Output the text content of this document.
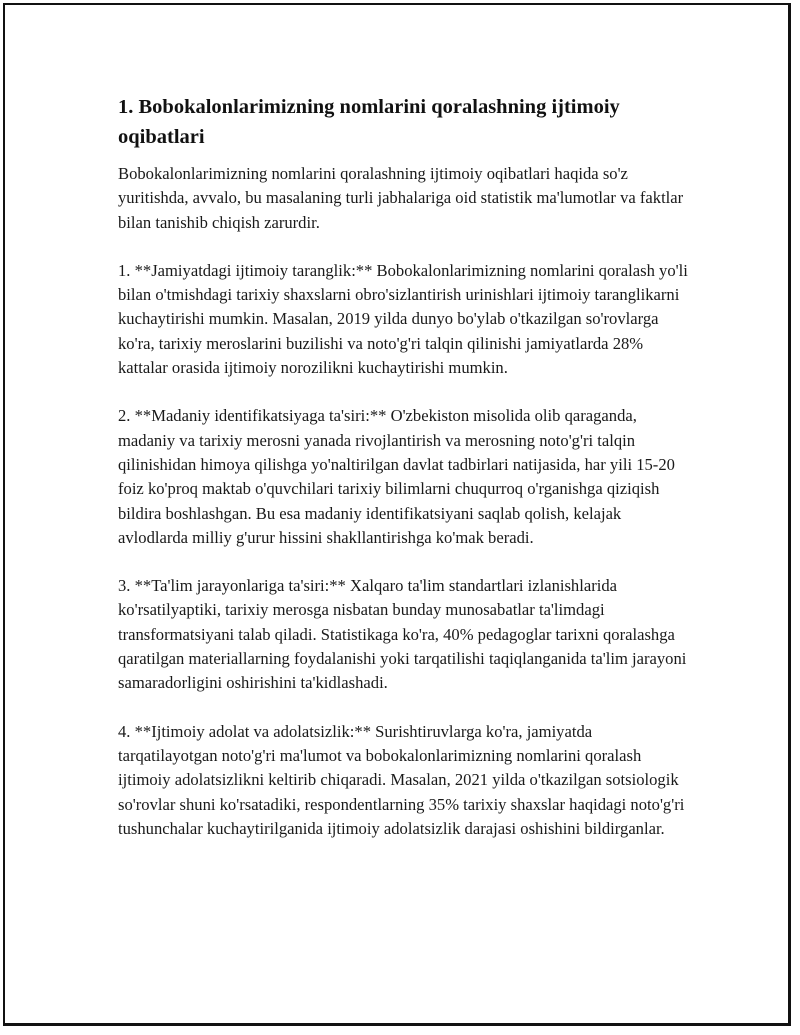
1. Bobokalonlarimizning nomlarini qoralashning ijtimoiy oqibatlari

Bobokalonlarimizning nomlarini qoralashning ijtimoiy oqibatlari haqida so'z yuritishda, avvalo, bu masalaning turli jabhalariga oid statistik ma'lumotlar va faktlar bilan tanishib chiqish zarurdir.

1. **Jamiyatdagi ijtimoiy taranglik:** Bobokalonlarimizning nomlarini qoralash yo'li bilan o'tmishdagi tarixiy shaxslarni obro'sizlantirish urinishlari ijtimoiy taranglikarni kuchaytirishi mumkin. Masalan, 2019 yilda dunyo bo'ylab o'tkazilgan so'rovlarga ko'ra, tarixiy meroslarini buzilishi va noto'g'ri talqin qilinishi jamiyatlarda 28% kattalar orasida ijtimoiy norozilikni kuchaytirishi mumkin.

2. **Madaniy identifikatsiyaga ta'siri:** O'zbekiston misolida olib qaraganda, madaniy va tarixiy merosni yanada rivojlantirish va merosning noto'g'ri talqin qilinishidan himoya qilishga yo'naltirilgan davlat tadbirlari natijasida, har yili 15-20 foiz ko'proq maktab o'quvchilari tarixiy bilimlarni chuqurroq o'rganishga qiziqish bildira boshlashgan. Bu esa madaniy identifikatsiyani saqlab qolish, kelajak avlodlarda milliy g'urur hissini shakllantirishga ko'mak beradi.

3. **Ta'lim jarayonlariga ta'siri:** Xalqaro ta'lim standartlari izlanishlarida ko'rsatilyaptiki, tarixiy merosga nisbatan bunday munosabatlar ta'limdagi transformatsiyani talab qiladi. Statistikaga ko'ra, 40% pedagoglar tarixni qoralashga qaratilgan materiallarning foydalanishi yoki tarqatilishi taqiqlanganida ta'lim jarayoni samaradorligini oshirishini ta'kidlashadi.

4. **Ijtimoiy adolat va adolatsizlik:** Surishtiruvlarga ko'ra, jamiyatda tarqatilayotgan noto'g'ri ma'lumot va bobokalonlarimizning nomlarini qoralash ijtimoiy adolatsizlikni keltirib chiqaradi. Masalan, 2021 yilda o'tkazilgan sotsiologik so'rovlar shuni ko'rsatadiki, respondentlarning 35% tarixiy shaxslar haqidagi noto'g'ri tushunchalar kuchaytirilganida ijtimoiy adolatsizlik darajasi oshishini bildirganlar.
